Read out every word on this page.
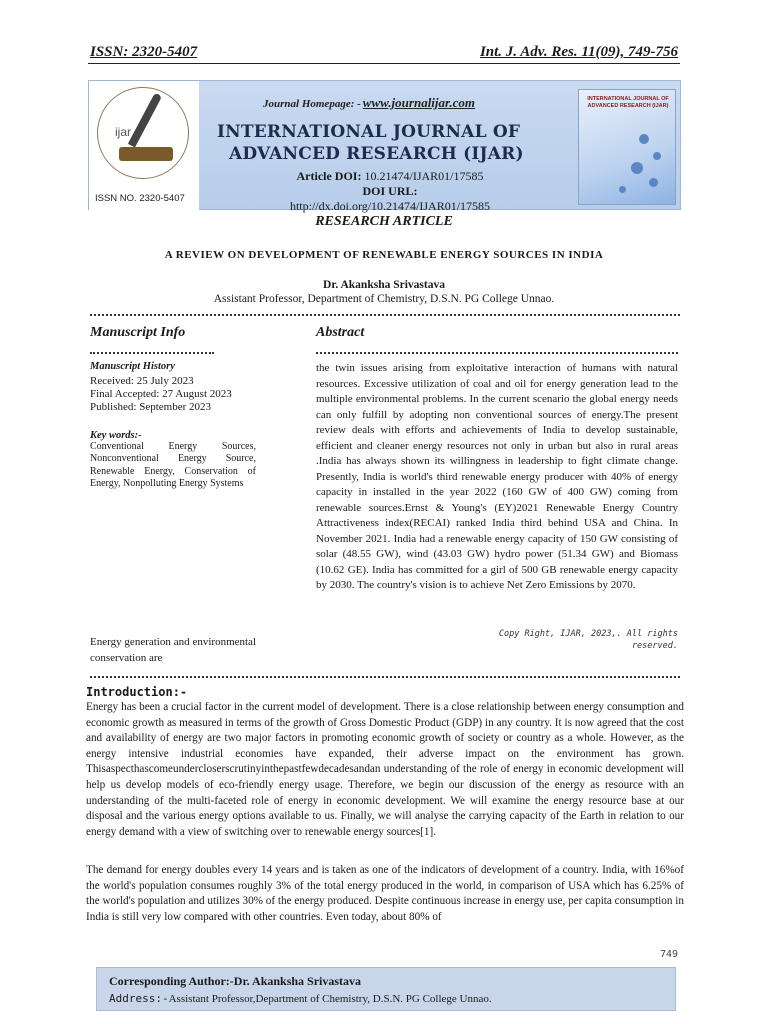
ISSN: 2320-5407	Int. J. Adv. Res. 11(09), 749-756
ijar
ISSN NO. 2320-5407
Journal Homepage: - www.journalijar.com
INTERNATIONAL JOURNAL OF
ADVANCED RESEARCH (IJAR)
Article DOI: 10.21474/IJAR01/17585
DOI URL: http://dx.doi.org/10.21474/IJAR01/17585
INTERNATIONAL JOURNAL OF ADVANCED RESEARCH (IJAR)
RESEARCH ARTICLE
A REVIEW ON DEVELOPMENT OF RENEWABLE ENERGY SOURCES IN INDIA
Dr. Akanksha Srivastava
Assistant Professor, Department of Chemistry, D.S.N. PG College Unnao.
Manuscript Info	Abstract
Manuscript History
Received: 25 July 2023
Final Accepted: 27 August 2023
Published: September 2023
Key words:-
Conventional Energy Sources, Nonconventional Energy Source, Renewable Energy, Conservation of Energy, Nonpolluting Energy Systems
Energy generation and environmental conservation are
the twin issues arising from exploitative interaction of humans with natural resources. Excessive utilization of coal and oil for energy generation lead to the multiple environmental problems. In the current scenario the global energy needs can only fulfill by adopting non conventional sources of energy.The present review deals with efforts and achievements of India to develop sustainable, efficient and cleaner energy resources not only in urban but also in rural areas .India has always shown its willingness in leadership to fight climate change. Presently, India is world's third renewable energy producer with 40% of energy capacity in installed in the year 2022 (160 GW of 400 GW) coming from renewable sources.Ernst & Young's (EY)2021 Renewable Energy Country Attractiveness index(RECAI) ranked India third behind USA and China. In November 2021. India had a renewable energy capacity of 150 GW consisting of solar (48.55 GW), wind (43.03 GW) hydro power (51.34 GW) and Biomass (10.62 GE). India has committed for a girl of 500 GB renewable energy capacity by 2030. The country's vision is to achieve Net Zero Emissions by 2070.
Copy Right, IJAR, 2023,. All rights reserved.
Introduction:-
Energy has been a crucial factor in the current model of development. There is a close relationship between energy consumption and economic growth as measured in terms of the growth of Gross Domestic Product (GDP) in any country. It is now agreed that the cost and availability of energy are two major factors in promoting economic growth of society or country as a whole. However, as the energy intensive industrial economies have expanded, their adverse impact on the environment has grown. Thisaspecthascomeundercloserscrutinyinthepastfewdecadesandan understanding of the role of energy in economic development will help us develop models of eco-friendly energy usage. Therefore, we begin our discussion of the energy as resource with an understanding of the multi-faceted role of energy in economic development. We will examine the energy resource base at our disposal and the various energy options available to us. Finally, we will analyse the carrying capacity of the Earth in relation to our energy demand with a view of switching over to renewable energy sources[1].
The demand for energy doubles every 14 years and is taken as one of the indicators of development of a country. India, with 16%of the world's population consumes roughly 3% of the total energy produced in the world, in comparison of USA which has 6.25% of the world's population and utilizes 30% of the energy produced. Despite continuous increase in energy use, per capita consumption in India is still very low compared with other countries. Even today, about 80% of
749
Corresponding Author:-Dr. Akanksha Srivastava
Address:-Assistant Professor,Department of Chemistry, D.S.N. PG College Unnao.
